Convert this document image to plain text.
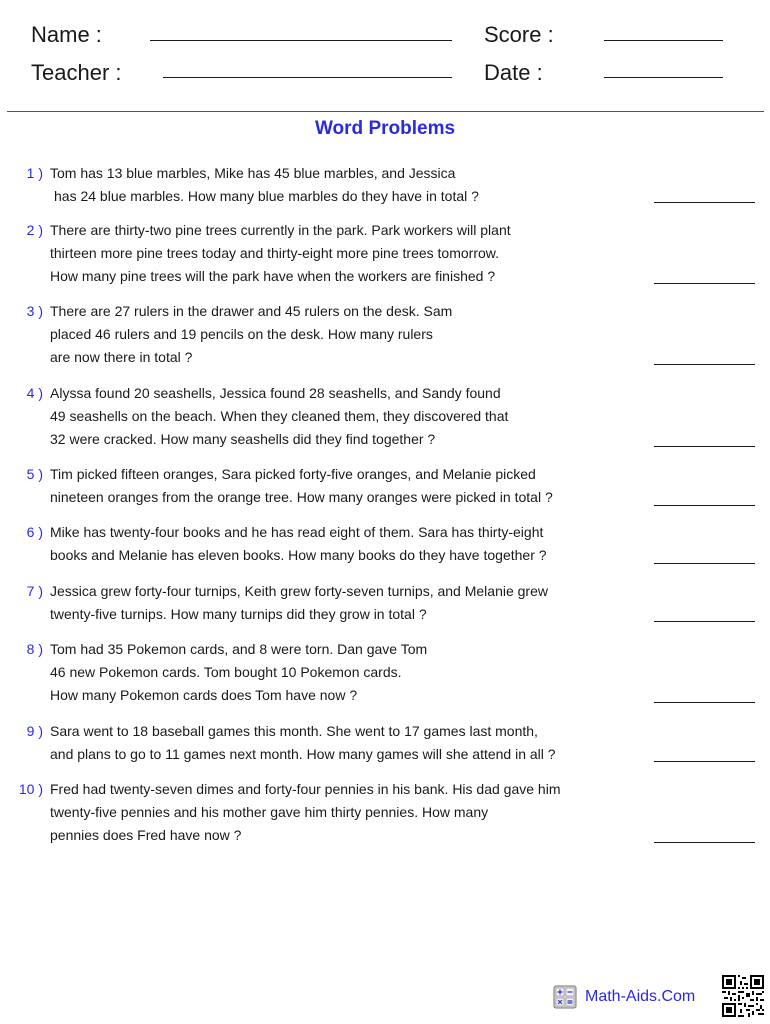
Name :
Teacher :
Score :
Date :
Word Problems
1 ) Tom has 13 blue marbles, Mike has 45 blue marbles, and Jessica
has 24 blue marbles. How many blue marbles do they have in total ?
2 ) There are thirty-two pine trees currently in the park. Park workers will plant
thirteen more pine trees today and thirty-eight more pine trees tomorrow.
How many pine trees will the park have when the workers are finished ?
3 ) There are 27 rulers in the drawer and 45 rulers on the desk. Sam
placed 46 rulers and 19 pencils on the desk. How many rulers
are now there in total ?
4 ) Alyssa found 20 seashells, Jessica found 28 seashells, and Sandy found
49 seashells on the beach. When they cleaned them, they discovered that
32 were cracked. How many seashells did they find together ?
5 ) Tim picked fifteen oranges, Sara picked forty-five oranges, and Melanie picked
nineteen oranges from the orange tree. How many oranges were picked in total ?
6 ) Mike has twenty-four books and he has read eight of them. Sara has thirty-eight
books and Melanie has eleven books. How many books do they have together ?
7 ) Jessica grew forty-four turnips, Keith grew forty-seven turnips, and Melanie grew
twenty-five turnips. How many turnips did they grow in total ?
8 ) Tom had 35 Pokemon cards, and 8 were torn. Dan gave Tom
46 new Pokemon cards. Tom bought 10 Pokemon cards.
How many Pokemon cards does Tom have now ?
9 ) Sara went to 18 baseball games this month. She went to 17 games last month,
and plans to go to 11 games next month. How many games will she attend in all ?
10 ) Fred had twenty-seven dimes and forty-four pennies in his bank. His dad gave him
twenty-five pennies and his mother gave him thirty pennies. How many
pennies does Fred have now ?
Math-Aids.Com
